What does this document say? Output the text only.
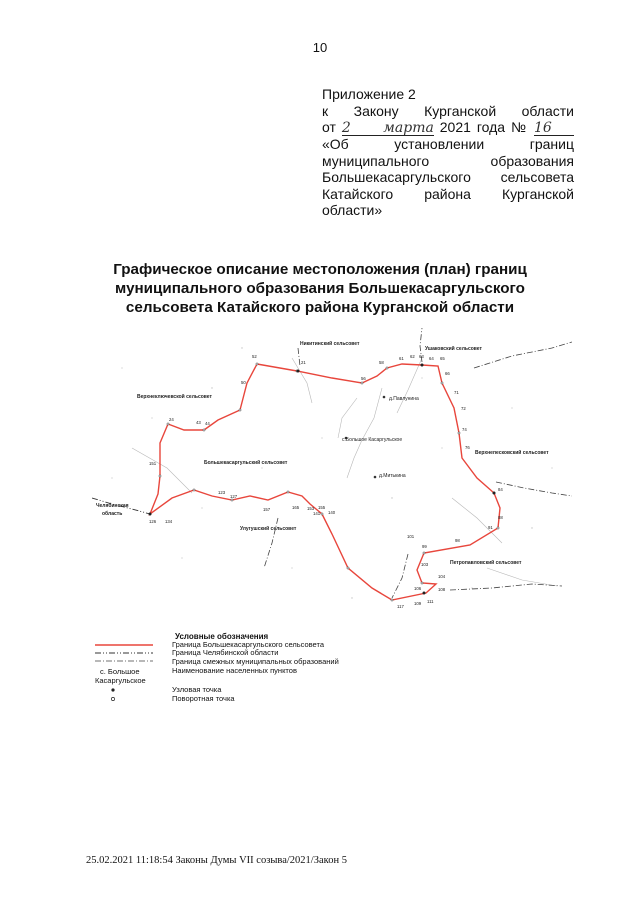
10
Приложение 2
к Закону Курганской области
от 2 марта 2021 года № 16
«Об установлении границ
муниципального образования
Большекасаргульского сельсовета
Катайского района Курганской
области»
Графическое описание местоположения (план) границ
муниципального образования Большекасаргульского
сельсовета Катайского района Курганской области
21
24
43 44
50
52
56
58
61 62 63 64 65
66
71
72
74
76
84
88
91
98
99
101
103
104
106	108
109 111
117
123
126
127
134
140
141
151
153 155
157	165
Никитинский сельсовет
Ушаковский сельсовет
Верхнеключевской сельсовет
Верхнепесковский сельсовет
Петропавловский сельсовет
Улугушский сельсовет
Челябинская
область
Большекасаргульский сельсовет
д.Павлунина
с.Большое Касаргульское
д.Митькина
Условные обозначения
Граница Большекасаргульского сельсовета
Граница Челябинской области
Граница смежных муниципальных образований
Наименование населенных пунктов
с. Большое
Касаргульское
Узловая точка
Поворотная точка
25.02.2021 11:18:54 Законы Думы VII созыва/2021/Закон 5
